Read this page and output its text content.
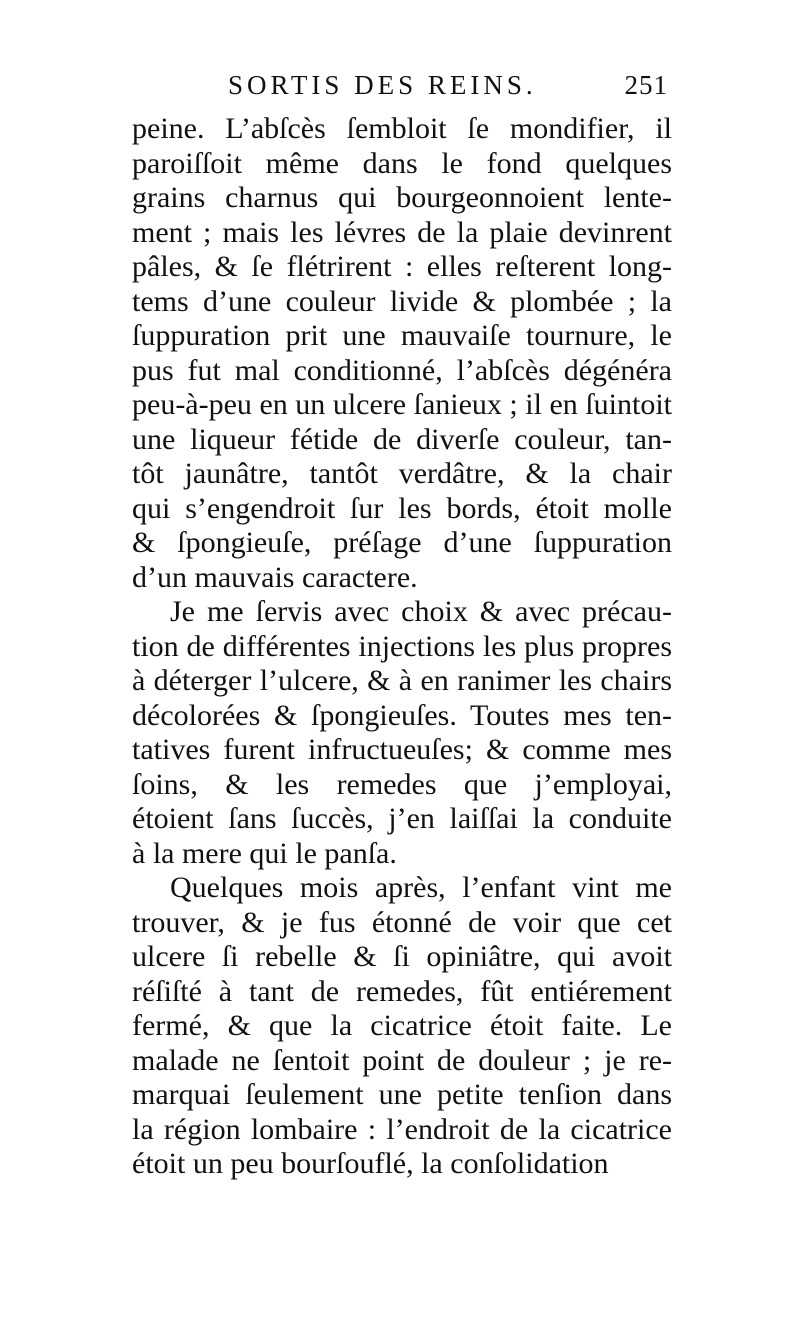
SORTIS DES REINS.	251
peine. L’abſcès ſembloit ſe mondifier, il
paroiſſoit même dans le fond quelques
grains charnus qui bourgeonnoient lente-
ment ; mais les lévres de la plaie devinrent
pâles, & ſe flétrirent : elles reſterent long-
tems d’une couleur livide & plombée ; la
ſuppuration prit une mauvaiſe tournure, le
pus fut mal conditionné, l’abſcès dégénéra
peu-à-peu en un ulcere ſanieux ; il en ſuintoit
une liqueur fétide de diverſe couleur, tan-
tôt jaunâtre, tantôt verdâtre, & la chair
qui s’engendroit ſur les bords, étoit molle
& ſpongieuſe, préſage d’une ſuppuration
d’un mauvais caractere.
Je me ſervis avec choix & avec précau-
tion de différentes injections les plus propres
à déterger l’ulcere, & à en ranimer les chairs
décolorées & ſpongieuſes. Toutes mes ten-
tatives furent infructueuſes; & comme mes
ſoins, & les remedes que j’employai,
étoient ſans ſuccès, j’en laiſſai la conduite
à la mere qui le panſa.
Quelques mois après, l’enfant vint me
trouver, & je fus étonné de voir que cet
ulcere ſi rebelle & ſi opiniâtre, qui avoit
réſiſté à tant de remedes, fût entiérement
fermé, & que la cicatrice étoit faite. Le
malade ne ſentoit point de douleur ; je re-
marquai ſeulement une petite tenſion dans
la région lombaire : l’endroit de la cicatrice
étoit un peu bourſouflé, la conſolidation
